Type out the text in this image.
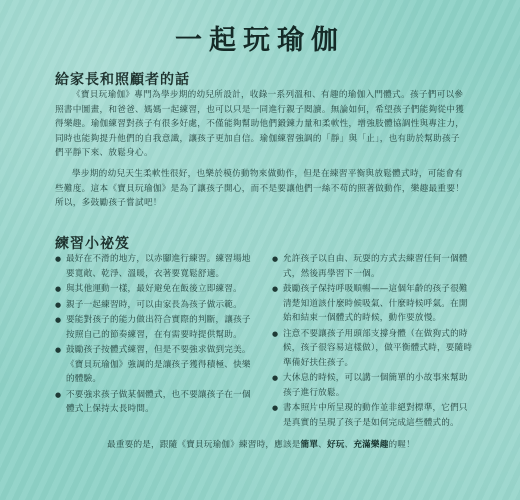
一起玩瑜伽
給家長和照顧者的話
《寶貝玩瑜伽》專門為學步期的幼兒所設計，收錄一系列溫和、有趣的瑜伽入門體式。孩子們可以參照書中圖畫，和爸爸、媽媽一起練習，也可以只是一同進行親子閱讀。無論如何，希望孩子們能夠從中獲得樂趣。瑜伽練習對孩子有很多好處，不僅能夠幫助他們鍛鍊力量和柔軟性，增強肢體協調性與專注力，同時也能夠提升他們的自我意識，讓孩子更加自信。瑜伽練習強調的「靜」與「止」，也有助於幫助孩子們平靜下來、放鬆身心。
學步期的幼兒天生柔軟性很好，也樂於模仿動物來做動作，但是在練習平衡與放鬆體式時，可能會有些難度。這本《寶貝玩瑜伽》是為了讓孩子開心，而不是要讓他們一絲不苟的照著做動作，樂趣最重要！所以，多鼓勵孩子嘗試吧！
練習小祕笈
● 最好在不滑的地方，以赤腳進行練習。練習場地要寬敞、乾淨、溫暖，衣著要寬鬆舒適。
● 與其他運動一樣，最好避免在飯後立即練習。
● 親子一起練習時，可以由家長為孩子做示範。
● 要能對孩子的能力做出符合實際的判斷，讓孩子按照自己的節奏練習，在有需要時提供幫助。
● 鼓勵孩子按體式練習，但是不要強求做到完美。《寶貝玩瑜伽》強調的是讓孩子獲得積極、快樂的體驗。
● 不要強求孩子做某個體式，也不要讓孩子在一個體式上保持太長時間。
● 允許孩子以自由、玩耍的方式去練習任何一個體式，然後再學習下一個。
● 鼓勵孩子保持呼吸順暢——這個年齡的孩子很難清楚知道該什麼時候吸氣、什麼時候呼氣。在開始和結束一個體式的時候，動作要放慢。
● 注意不要讓孩子用頭部支撐身體（在做狗式的時候，孩子很容易這樣做），做平衡體式時，要隨時準備好扶住孩子。
● 大休息的時候，可以講一個簡單的小故事來幫助孩子進行放鬆。
● 書本照片中所呈現的動作並非絕對標準，它們只是真實的呈現了孩子是如何完成這些體式的。
最重要的是，跟隨《寶貝玩瑜伽》練習時，應該是簡單、好玩、充滿樂趣的喔！
